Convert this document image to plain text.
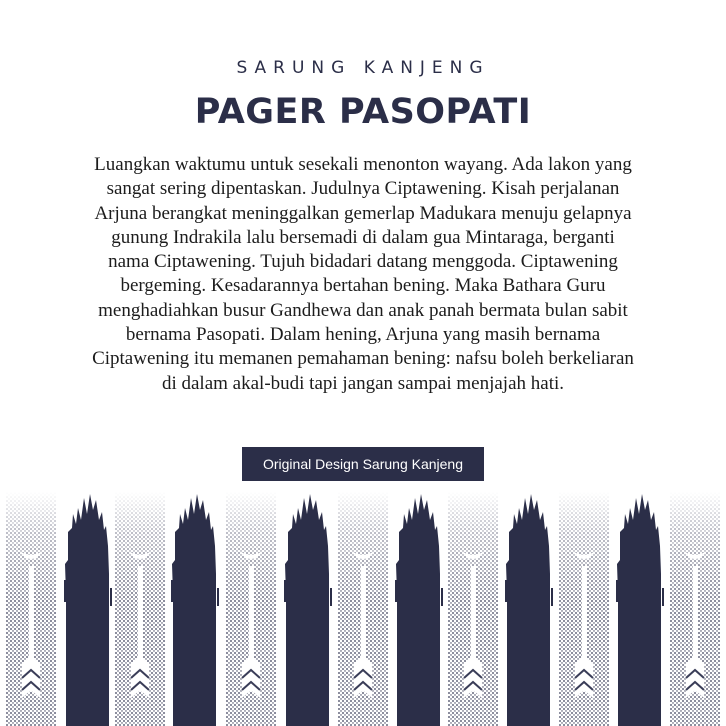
SARUNG KANJENG
PAGER PASOPATI

Luangkan waktumu untuk sesekali menonton wayang. Ada lakon yang sangat sering dipentaskan. Judulnya Ciptawening. Kisah perjalanan Arjuna berangkat meninggalkan gemerlap Madukara menuju gelapnya gunung Indrakila lalu bersemadi di dalam gua Mintaraga, berganti nama Ciptawening. Tujuh bidadari datang menggoda. Ciptawening bergeming. Kesadarannya bertahan bening. Maka Bathara Guru menghadiahkan busur Gandhewa dan anak panah bermata bulan sabit bernama Pasopati. Dalam hening, Arjuna yang masih bernama Ciptawening itu memanen pemahaman bening: nafsu boleh berkeliaran di dalam akal-budi tapi jangan sampai menjajah hati.

Original Design Sarung Kanjeng
